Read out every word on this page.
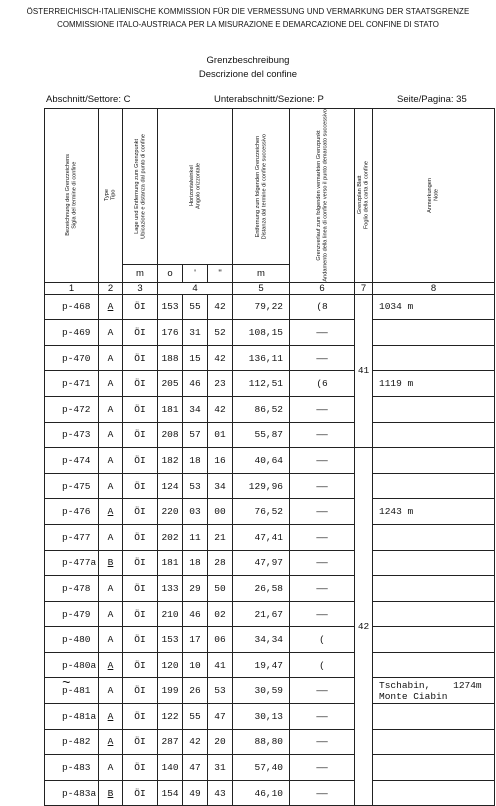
ÖSTERREICHISCH-ITALIENISCHE KOMMISSION FÜR DIE VERMESSUNG UND VERMARKUNG DER STAATSGRENZE
COMMISSIONE ITALO-AUSTRIACA PER LA MISURAZIONE E DEMARCAZIONE DEL CONFINE DI STATO
Grenzbeschreibung
Descrizione del confine
Abschnitt/Settore: C	Unterabschnitt/Sezione: P	Seite/Pagina: 35
Bezeichnung des Grenzzeichens
Sigla del termine di confine	Type
Tipo	Lage und Entfernung zum Grenzpunkt
Ubicazione e distanza dal punto di confine	Horizontalwinkel
Angolo orizzontale			Entfernung zum folgenden Grenzzeichen
Distanza dal termine di confine successivo	Grenzverlauf zum folgenden vermarkten Grenzpunkt
Andamento della linea di confine verso il punto demarcato successivo	Grenzplan Blatt
Foglio della carta di confine	Anmerkungen
Note

		m	o	'	"	m			
1	2	3	4			5	6	7	8
p-468	A	ÖI	153	55	42	79,22	(8	41	1034 m
p-469	A	ÖI	176	31	52	108,15	——		
p-470	A	ÖI	188	15	42	136,11	——		
p-471	A	ÖI	205	46	23	112,51	(6		1119 m
p-472	A	ÖI	181	34	42	86,52	——		
p-473	A	ÖI	208	57	01	55,87	——		
p-474	A	ÖI	182	18	16	40,64	——	42	
p-475	A	ÖI	124	53	34	129,96	——		
p-476	A	ÖI	220	03	00	76,52	——		1243 m
p-477	A	ÖI	202	11	21	47,41	——		
p-477a	B	ÖI	181	18	28	47,97	——		
p-478	A	ÖI	133	29	50	26,58	——		
p-479	A	ÖI	210	46	02	21,67	——		
p-480	A	ÖI	153	17	06	34,34	(		
p-480a	A	ÖI	120	10	41	19,47	(		
p-481	A	ÖI	199	26	53	30,59	——		Tschabin,    1274m
Monte Ciabin
p-481a	A	ÖI	122	55	47	30,13	——		
p-482	A	ÖI	287	42	20	88,80	——		
p-483	A	ÖI	140	47	31	57,40	——		
p-483a	B	ÖI	154	49	43	46,10	——		
~
